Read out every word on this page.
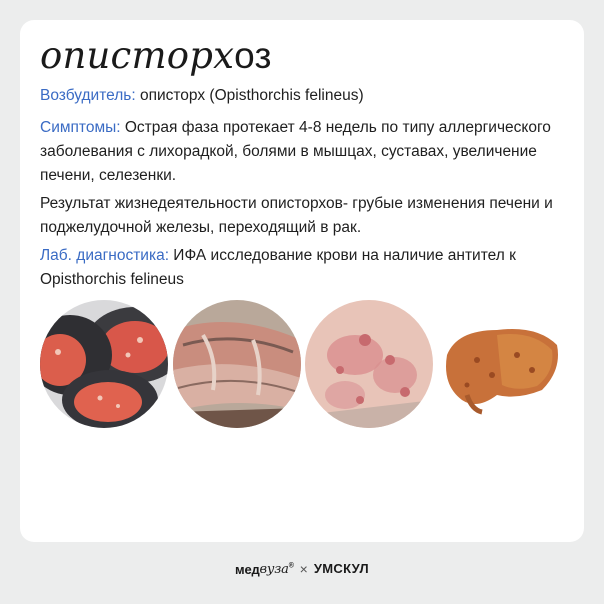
описторхоз
Возбудитель: описторх (Opisthorchis felineus)
Симптомы: Острая фаза протекает 4-8 недель по типу аллергического заболевания с лихорадкой, болями в мышцах, суставах, увеличение печени, селезенки.
Результат жизнедеятельности описторхов- грубые изменения печени и поджелудочной железы, переходящий в рак.
Лаб. диагностика: ИФА исследование крови на наличие антител к Opisthorchis felineus
медвуза® × УМСКУЛ
